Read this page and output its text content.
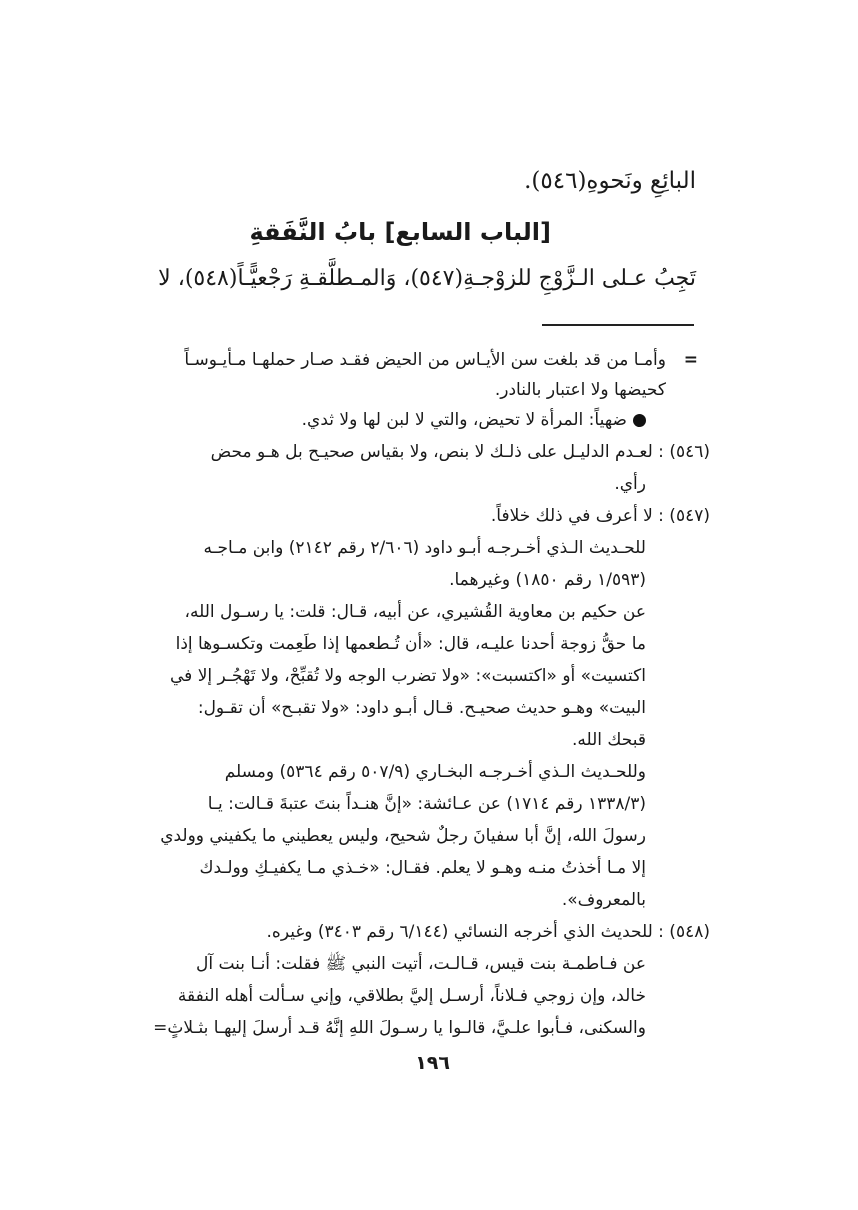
البائِعِ ونَحوهِ(٥٤٦).
[الباب السابع] بابُ النَّفَقةِ
تَجِبُ عـلى الـزَّوْجِ للزوْجـةِ(٥٤٧)، وَالمـطلَّقـةِ رَجْعيًّـاً(٥٤٨)، لا
=
وأمـا من قد بلغت سن الأيـاس من الحيض فقـد صـار حملهـا مـأيـوسـاً
كحيضها ولا اعتبار بالنادر.
ضهياً: المرأة لا تحيض، والتي لا لبن لها ولا ثدي.
(٥٤٦) : لعـدم الدليـل على ذلـك لا بنص، ولا بقياس صحيـح بل هـو محض
رأي.
(٥٤٧) : لا أعرف في ذلك خلافاً.
للحـديث الـذي أخـرجـه أبـو داود (٢/٦٠٦ رقم ٢١٤٢) وابن مـاجـه
(١/٥٩٣ رقم ١٨٥٠) وغيرهما.
عن حكيم بن معاوية القُشيري، عن أبيه، قـال: قلت: يا رسـول الله،
ما حقُّ زوجة أحدنا عليـه، قال: «أن تُـطعمها إذا طَعِمت وتكسـوها إذا
اكتسيت» أو «اكتسبت»: «ولا تضرب الوجه ولا تُقبِّحْ، ولا تَهْجُـر إلا في
البيت» وهـو حديث صحيـح. قـال أبـو داود: «ولا تقبـح» أن تقـول:
قبحك الله.
وللحـديث الـذي أخـرجـه البخـاري (٥٠٧/٩ رقم ٥٣٦٤) ومسلم
(١٣٣٨/٣ رقم ١٧١٤) عن عـائشة: «إنَّ هنـداً بنتَ عتبةَ قـالت: يـا
رسولَ الله، إنَّ أبا سفيانَ رجلٌ شحيح، وليس يعطيني ما يكفيني وولدي
إلا مـا أخذتُ منـه وهـو لا يعلم. فقـال: «خـذي مـا يكفيـكِ وولـدك
بالمعروف».
(٥٤٨) : للحديث الذي أخرجه النسائي (٦/١٤٤ رقم ٣٤٠٣) وغيره.
عن فـاطمـة بنت قيس، قـالـت، أتيت النبي ﷺ فقلت: أنـا بنت آل
خالد، وإن زوجي فـلاناً، أرسـل إليَّ بطلاقي، وإني سـألت أهله النفقة
والسكنى، فـأبوا علـيَّ، قالـوا يا رسـولَ اللهِ إنَّهُ قـد أرسلَ إليهـا بثـلاثٍ=
١٩٦
